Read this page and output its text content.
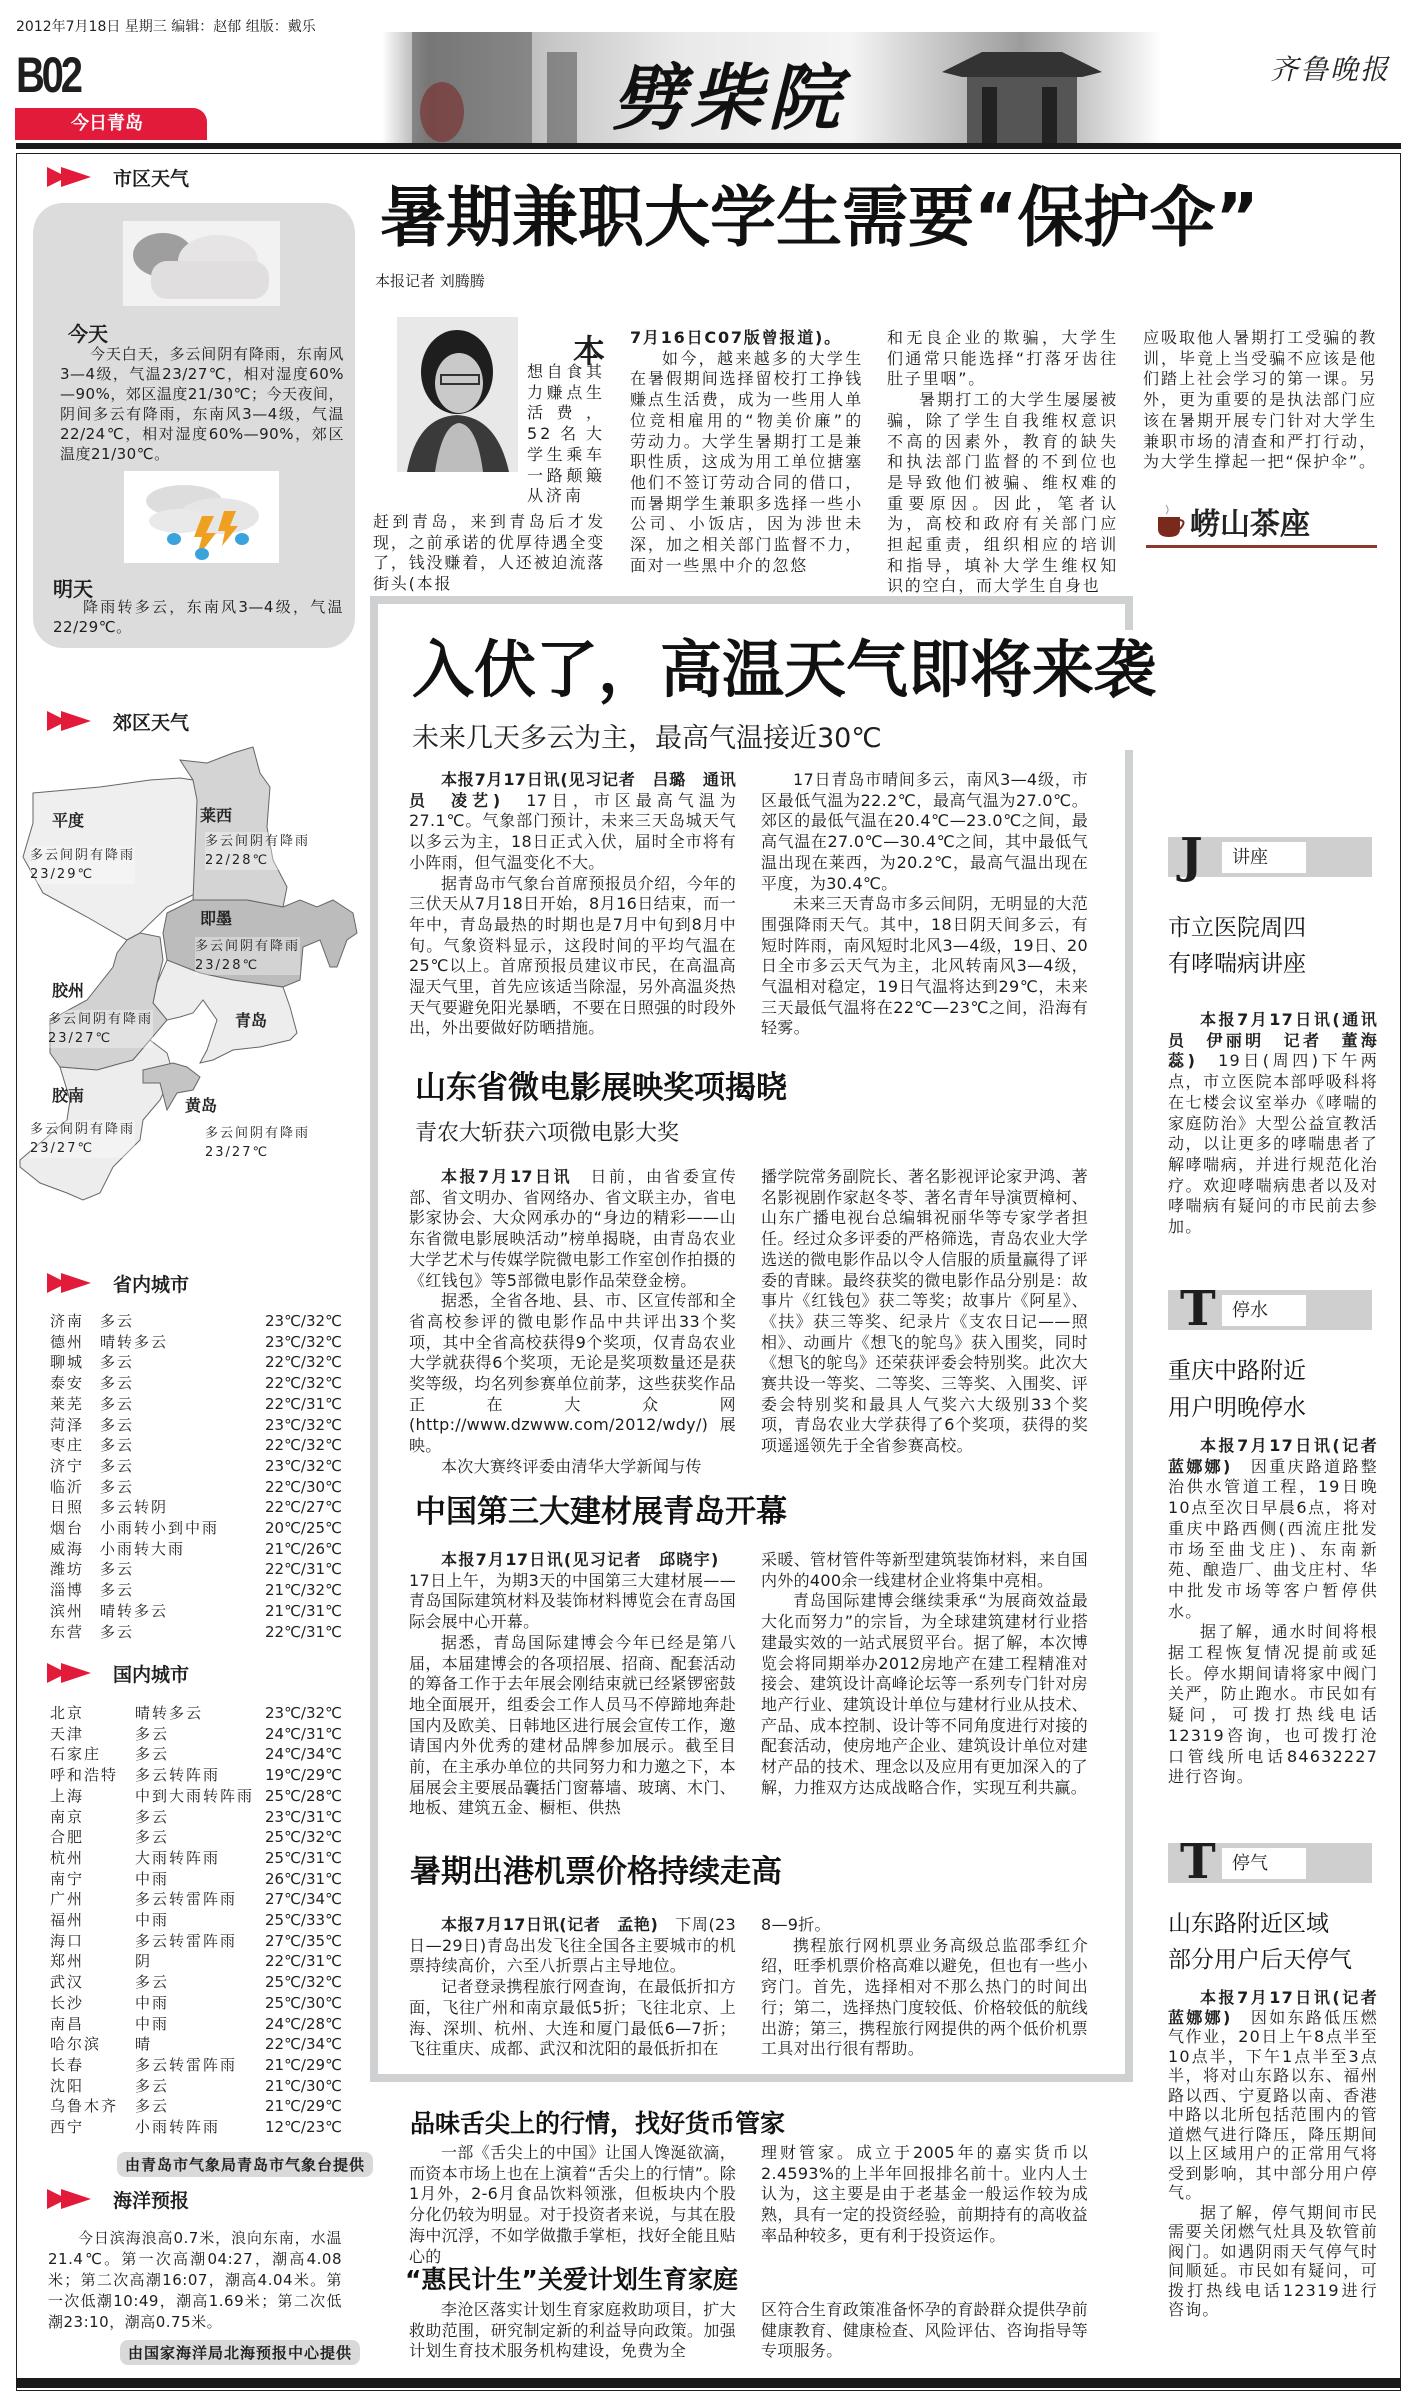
2012年7月18日 星期三 编辑：赵郁 组版：戴乐
B02
今日青岛	劈柴院	齐鲁晚报
市区天气
今天
今天白天，多云间阴有降雨，东南风3—4级，气温23/27℃，相对湿度60%—90%，郊区温度21/30℃；今天夜间，阴间多云有降雨，东南风3—4级，气温22/24℃，相对湿度60%—90%，郊区温度21/30℃。
明天
降雨转多云，东南风3—4级，气温22/29℃。
郊区天气
平度
多云间阴有降雨
23/29℃
莱西
多云间阴有降雨
22/28℃
即墨
多云间阴有降雨
23/28℃
胶州
多云间阴有降雨
23/27℃
青岛
胶南
多云间阴有降雨
23/27℃
黄岛
多云间阴有降雨
23/27℃
省内城市
济南 多云	23℃/32℃
德州 晴转多云	23℃/32℃
聊城 多云	22℃/32℃
泰安 多云	22℃/32℃
莱芜 多云	22℃/31℃
菏泽 多云	23℃/32℃
枣庄 多云	22℃/32℃
济宁 多云	23℃/32℃
临沂 多云	22℃/30℃
日照 多云转阴	22℃/27℃
烟台 小雨转小到中雨	20℃/25℃
威海 小雨转大雨	21℃/26℃
潍坊 多云	22℃/31℃
淄博 多云	21℃/32℃
滨州 晴转多云	21℃/31℃
东营 多云	22℃/31℃
国内城市
北京	晴转多云	23℃/32℃
天津	多云	24℃/31℃
石家庄 多云	24℃/34℃
呼和浩特 多云转阵雨	19℃/29℃
上海	中到大雨转阵雨 25℃/28℃
南京	多云	23℃/31℃
合肥	多云	25℃/32℃
杭州	大雨转阵雨	25℃/31℃
南宁	中雨	26℃/31℃
广州	多云转雷阵雨 27℃/34℃
福州	中雨	25℃/33℃
海口	多云转雷阵雨 27℃/35℃
郑州	阴	22℃/31℃
武汉	多云	25℃/32℃
长沙	中雨	25℃/30℃
南昌	中雨	24℃/28℃
哈尔滨 晴	22℃/34℃
长春	多云转雷阵雨 21℃/29℃
沈阳	多云	21℃/30℃
乌鲁木齐 多云	21℃/29℃
西宁	小雨转阵雨	12℃/23℃
由青岛市气象局青岛市气象台提供
海洋预报
今日滨海浪高0.7米，浪向东南，水温21.4℃。第一次高潮04:27，潮高4.08米；第二次高潮16:07，潮高4.04米。第一次低潮10:49，潮高1.69米；第二次低潮23:10，潮高0.75米。
由国家海洋局北海预报中心提供
暑期兼职大学生需要“保护伞”
本报记者 刘腾腾
本
想自食其力赚点生活费，52名大学生乘车一路颠簸从济南
赶到青岛，来到青岛后才发现，之前承诺的优厚待遇全变了，钱没赚着，人还被迫流落街头(本报

7月16日C07版曾报道)。

如今，越来越多的大学生在暑假期间选择留校打工挣钱赚点生活费，成为一些用人单位竞相雇用的“物美价廉”的劳动力。大学生暑期打工是兼职性质，这成为用工单位搪塞他们不签订劳动合同的借口，而暑期学生兼职多选择一些小公司、小饭店，因为涉世未深，加之相关部门监督不力，面对一些黑中介的忽悠

和无良企业的欺骗，大学生们通常只能选择“打落牙齿往肚子里咽”。

暑期打工的大学生屡屡被骗，除了学生自我维权意识不高的因素外，教育的缺失和执法部门监督的不到位也是导致他们被骗、维权难的重要原因。因此，笔者认为，高校和政府有关部门应担起重责，组织相应的培训和指导，填补大学生维权知识的空白，而大学生自身也

应吸取他人暑期打工受骗的教训，毕竟上当受骗不应该是他们踏上社会学习的第一课。另外，更为重要的是执法部门应该在暑期开展专门针对大学生兼职市场的清查和严打行动，为大学生撑起一把“保护伞”。

崂山茶座
入伏了，高温天气即将来袭
未来几天多云为主，最高气温接近30℃

本报7月17日讯(见习记者　吕璐　通讯员　凌艺)　17日，市区最高气温为27.1℃。气象部门预计，未来三天岛城天气以多云为主，18日正式入伏，届时全市将有小阵雨，但气温变化不大。

据青岛市气象台首席预报员介绍，今年的三伏天从7月18日开始，8月16日结束，而一年中，青岛最热的时期也是7月中旬到8月中旬。气象资料显示，这段时间的平均气温在25℃以上。首席预报员建议市民，在高温高湿天气里，首先应该适当除湿，另外高温炎热天气要避免阳光暴晒，不要在日照强的时段外出，外出要做好防晒措施。

17日青岛市晴间多云，南风3—4级，市区最低气温为22.2℃，最高气温为27.0℃。郊区的最低气温在20.4℃—23.0℃之间，最高气温在27.0℃—30.4℃之间，其中最低气温出现在莱西，为20.2℃，最高气温出现在平度，为30.4℃。

未来三天青岛市多云间阴，无明显的大范围强降雨天气。其中，18日阴天间多云，有短时阵雨，南风短时北风3—4级，19日、20日全市多云天气为主，北风转南风3—4级，气温相对稳定，19日气温将达到29℃，未来三天最低气温将在22℃—23℃之间，沿海有轻雾。

山东省微电影展映奖项揭晓
青农大斩获六项微电影大奖

本报7月17日讯　日前，由省委宣传部、省文明办、省网络办、省文联主办，省电影家协会、大众网承办的“身边的精彩——山东省微电影展映活动”榜单揭晓，由青岛农业大学艺术与传媒学院微电影工作室创作拍摄的《红钱包》等5部微电影作品荣登金榜。

据悉，全省各地、县、市、区宣传部和全省高校参评的微电影作品中共评出33个奖项，其中全省高校获得9个奖项，仅青岛农业大学就获得6个奖项，无论是奖项数量还是获奖等级，均名列参赛单位前茅，这些获奖作品正在大众网(http://www.dzwww.com/2012/wdy/)展映。

本次大赛终评委由清华大学新闻与传

播学院常务副院长、著名影视评论家尹鸿、著名影视剧作家赵冬苓、著名青年导演贾樟柯、山东广播电视台总编辑祝丽华等专家学者担任。经过众多评委的严格筛选，青岛农业大学选送的微电影作品以令人信服的质量赢得了评委的青睐。最终获奖的微电影作品分别是：故事片《红钱包》获二等奖；故事片《阿星》、《扶》获三等奖、纪录片《支农日记——照相》、动画片《想飞的鸵鸟》获入围奖，同时《想飞的鸵鸟》还荣获评委会特别奖。此次大赛共设一等奖、二等奖、三等奖、入围奖、评委会特别奖和最具人气奖六大级别33个奖项，青岛农业大学获得了6个奖项，获得的奖项遥遥领先于全省参赛高校。

中国第三大建材展青岛开幕

本报7月17日讯(见习记者　邱晓宇)　17日上午，为期3天的中国第三大建材展——青岛国际建筑材料及装饰材料博览会在青岛国际会展中心开幕。

据悉，青岛国际建博会今年已经是第八届，本届建博会的各项招展、招商、配套活动的筹备工作于去年展会刚结束就已经紧锣密鼓地全面展开，组委会工作人员马不停蹄地奔赴国内及欧美、日韩地区进行展会宣传工作，邀请国内外优秀的建材品牌参加展示。截至目前，在主承办单位的共同努力和力邀之下，本届展会主要展品囊括门窗幕墙、玻璃、木门、地板、建筑五金、橱柜、供热

采暖、管材管件等新型建筑装饰材料，来自国内外的400余一线建材企业将集中亮相。

青岛国际建博会继续秉承“为展商效益最大化而努力”的宗旨，为全球建筑建材行业搭建最实效的一站式展贸平台。据了解，本次博览会将同期举办2012房地产在建工程精准对接会、建筑设计高峰论坛等一系列专门针对房地产行业、建筑设计单位与建材行业从技术、产品、成本控制、设计等不同角度进行对接的配套活动，使房地产企业、建筑设计单位对建材产品的技术、理念以及应用有更加深入的了解，力推双方达成战略合作，实现互利共赢。

暑期出港机票价格持续走高

本报7月17日讯(记者　孟艳)　下周(23日—29日)青岛出发飞往全国各主要城市的机票持续高价，六至八折票占主导地位。

记者登录携程旅行网查询，在最低折扣方面，飞往广州和南京最低5折；飞往北京、上海、深圳、杭州、大连和厦门最低6—7折；飞往重庆、成都、武汉和沈阳的最低折扣在

8—9折。

携程旅行网机票业务高级总监邵季红介绍，旺季机票价格高难以避免，但也有一些小窍门。首先，选择相对不那么热门的时间出行；第二，选择热门度较低、价格较低的航线出游；第三，携程旅行网提供的两个低价机票工具对出行很有帮助。

品味舌尖上的行情，找好货币管家

一部《舌尖上的中国》让国人馋涎欲滴，而资本市场上也在上演着“舌尖上的行情”。除1月外，2-6月食品饮料领涨，但板块内个股分化仍较为明显。对于投资者来说，与其在股海中沉浮，不如学做撒手掌柜，找好全能且贴心的

理财管家。成立于2005年的嘉实货币以2.4593%的上半年回报排名前十。业内人士认为，这主要是由于老基金一般运作较为成熟，具有一定的投资经验，前期持有的高收益率品种较多，更有利于投资运作。

“惠民计生”关爱计划生育家庭

李沧区落实计划生育家庭救助项目，扩大救助范围，研究制定新的利益导向政策。加强计划生育技术服务机构建设，免费为全

区符合生育政策准备怀孕的育龄群众提供孕前健康教育、健康检查、风险评估、咨询指导等专项服务。

J	讲座
市立医院周四
有哮喘病讲座

本报7月17日讯(通讯员　伊丽明　记者　董海蕊)　19日(周四)下午两点，市立医院本部呼吸科将在七楼会议室举办《哮喘的家庭防治》大型公益宣教活动，以让更多的哮喘患者了解哮喘病，并进行规范化治疗。欢迎哮喘病患者以及对哮喘病有疑问的市民前去参加。

T 停水
重庆中路附近
用户明晚停水

本报7月17日讯(记者　蓝娜娜)　因重庆路道路整治供水管道工程，19日晚10点至次日早晨6点，将对重庆中路西侧(西流庄批发市场至曲戈庄)、东南新苑、酿造厂、曲戈庄村、华中批发市场等客户暂停供水。

据了解，通水时间将根据工程恢复情况提前或延长。停水期间请将家中阀门关严，防止跑水。市民如有疑问，可拨打热线电话12319咨询，也可拨打沧口管线所电话84632227进行咨询。

T 停气
山东路附近区域
部分用户后天停气

本报7月17日讯(记者　蓝娜娜)　因如东路低压燃气作业，20日上午8点半至10点半，下午1点半至3点半，将对山东路以东、福州路以西、宁夏路以南、香港中路以北所包括范围内的管道燃气进行降压，降压期间以上区域用户的正常用气将受到影响，其中部分用户停气。

据了解，停气期间市民需要关闭燃气灶具及软管前阀门。如遇阴雨天气停气时间顺延。市民如有疑问，可拨打热线电话12319进行咨询。
